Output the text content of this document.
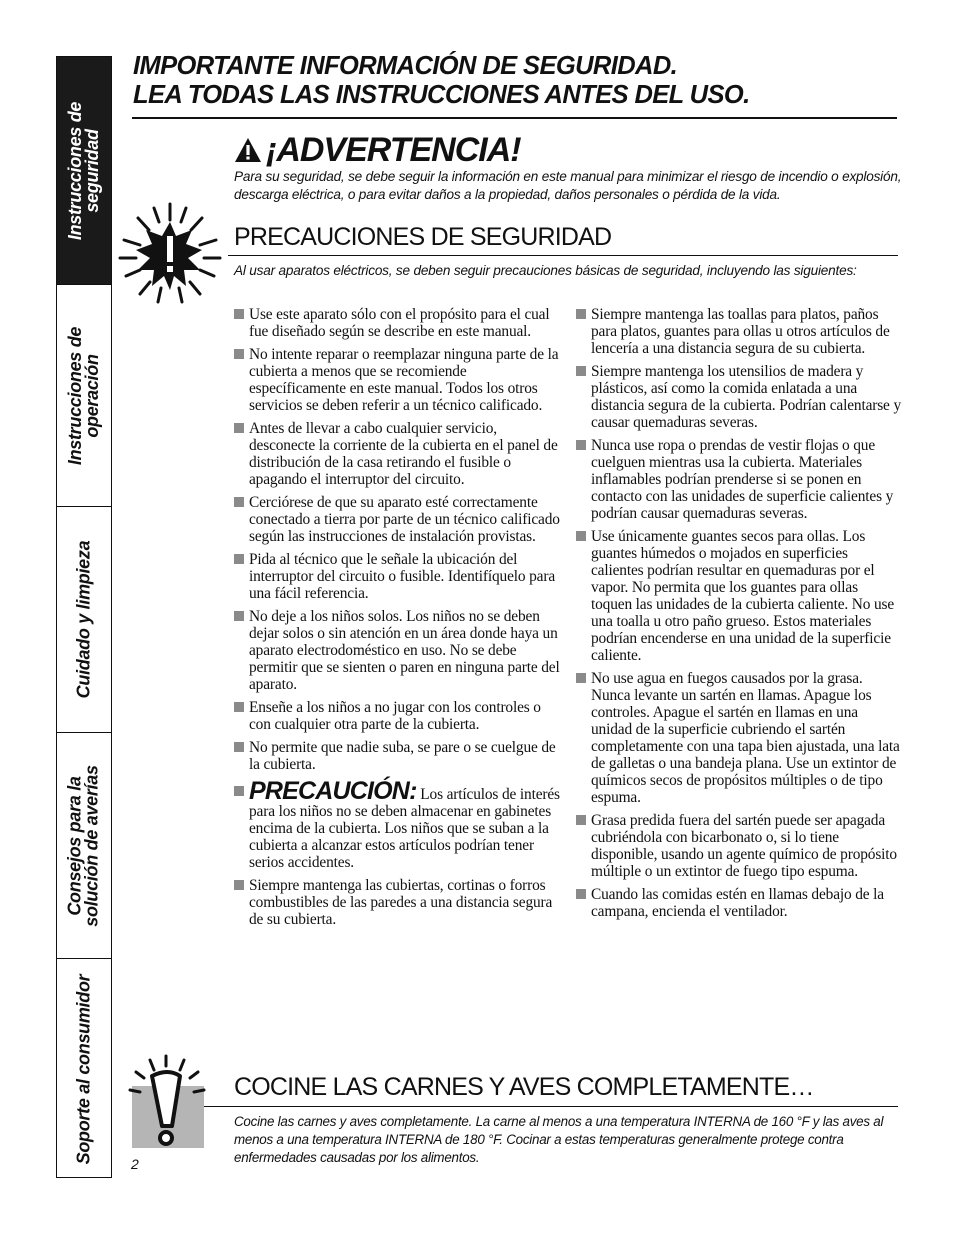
Instrucciones de
seguridad
Instrucciones de
operación
Cuidado y limpieza
Consejos para la
solución de averías
Soporte al consumidor
IMPORTANTE INFORMACIÓN DE SEGURIDAD.
LEA TODAS LAS INSTRUCCIONES ANTES DEL USO.
¡ADVERTENCIA!
Para su seguridad, se debe seguir la información en este manual para minimizar el riesgo de incendio o explosión, descarga eléctrica, o para evitar daños a la propiedad, daños personales o pérdida de la vida.
PRECAUCIONES DE SEGURIDAD
Al usar aparatos eléctricos, se deben seguir precauciones básicas de seguridad, incluyendo las siguientes:
Use este aparato sólo con el propósito para el cual fue diseñado según se describe en este manual.
No intente reparar o reemplazar ninguna parte de la cubierta a menos que se recomiende específicamente en este manual. Todos los otros servicios se deben referir a un técnico calificado.
Antes de llevar a cabo cualquier servicio, desconecte la corriente de la cubierta en el panel de distribución de la casa retirando el fusible o apagando el interruptor del circuito.
Cerciórese de que su aparato esté correctamente conectado a tierra por parte de un técnico calificado según las instrucciones de instalación provistas.
Pida al técnico que le señale la ubicación del interruptor del circuito o fusible. Identifíquelo para una fácil referencia.
No deje a los niños solos. Los niños no se deben dejar solos o sin atención en un área donde haya un aparato electrodoméstico en uso. No se debe permitir que se sienten o paren en ninguna parte del aparato.
Enseñe a los niños a no jugar con los controles o con cualquier otra parte de la cubierta.
No permite que nadie suba, se pare o se cuelgue de la cubierta.
PRECAUCIÓN: Los artículos de interés para los niños no se deben almacenar en gabinetes encima de la cubierta. Los niños que se suban a la cubierta a alcanzar estos artículos podrían tener serios accidentes.
Siempre mantenga las cubiertas, cortinas o forros combustibles de las paredes a una distancia segura de su cubierta.
Siempre mantenga las toallas para platos, paños para platos, guantes para ollas u otros artículos de lencería a una distancia segura de su cubierta.
Siempre mantenga los utensilios de madera y plásticos, así como la comida enlatada a una distancia segura de la cubierta. Podrían calentarse y causar quemaduras severas.
Nunca use ropa o prendas de vestir flojas o que cuelguen mientras usa la cubierta. Materiales inflamables podrían prenderse si se ponen en contacto con las unidades de superficie calientes y podrían causar quemaduras severas.
Use únicamente guantes secos para ollas. Los guantes húmedos o mojados en superficies calientes podrían resultar en quemaduras por el vapor. No permita que los guantes para ollas toquen las unidades de la cubierta caliente. No use una toalla u otro paño grueso. Estos materiales podrían encenderse en una unidad de la superficie caliente.
No use agua en fuegos causados por la grasa. Nunca levante un sartén en llamas. Apague los controles. Apague el sartén en llamas en una unidad de la superficie cubriendo el sartén completamente con una tapa bien ajustada, una lata de galletas o una bandeja plana. Use un extintor de químicos secos de propósitos múltiples o de tipo espuma.
Grasa predida fuera del sartén puede ser apagada cubriéndola con bicarbonato o, si lo tiene disponible, usando un agente químico de propósito múltiple o un extintor de fuego tipo espuma.
Cuando las comidas estén en llamas debajo de la campana, encienda el ventilador.
COCINE LAS CARNES Y AVES COMPLETAMENTE…
Cocine las carnes y aves completamente. La carne al menos a una temperatura INTERNA de 160 °F y las aves al menos a una temperatura INTERNA de 180 °F. Cocinar a estas temperaturas generalmente protege contra enfermedades causadas por los alimentos.
2
